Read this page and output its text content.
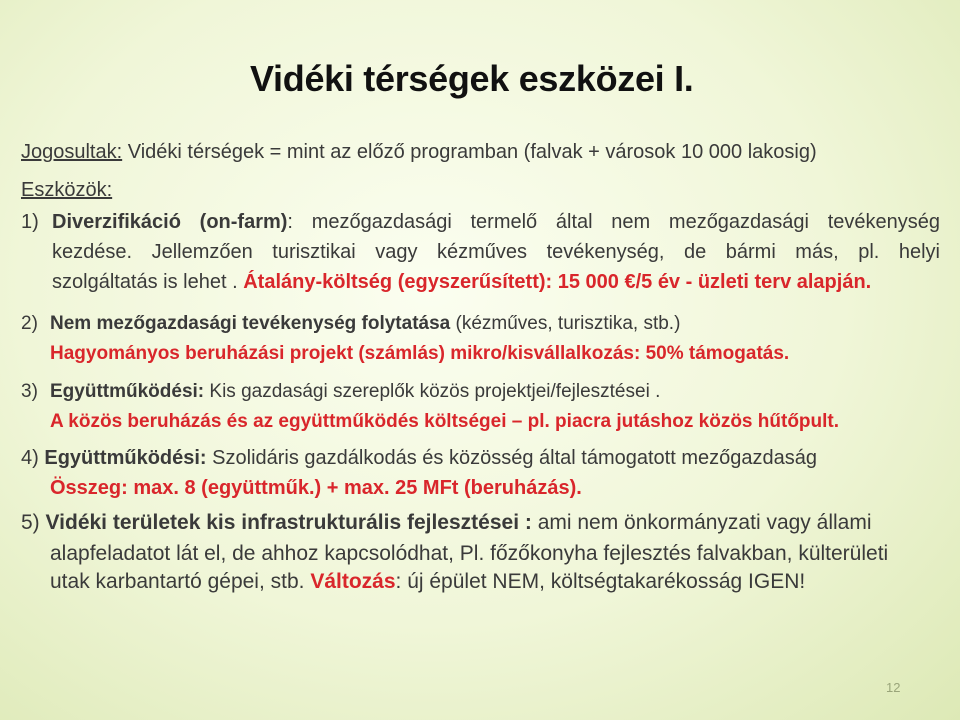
Vidéki térségek eszközei I.
Jogosultak: Vidéki térségek = mint az előző programban (falvak + városok 10 000 lakosig)
Eszközök:
1) Diverzifikáció (on-farm): mezőgazdasági termelő által nem mezőgazdasági tevékenység
kezdése. Jellemzően turisztikai vagy kézműves tevékenység, de bármi más, pl. helyi
szolgáltatás is lehet . Átalány-költség (egyszerűsített): 15 000 €/5 év - üzleti terv alapján.
2) Nem mezőgazdasági tevékenység folytatása (kézműves, turisztika, stb.)
Hagyományos beruházási projekt (számlás) mikro/kisvállalkozás: 50% támogatás.
3) Együttműködési: Kis gazdasági szereplők közös projektjei/fejlesztései .
A közös beruházás és az együttműködés költségei – pl. piacra jutáshoz közös hűtőpult.
4) Együttműködési: Szolidáris gazdálkodás és közösség által támogatott mezőgazdaság
Összeg: max. 8 (együttműk.) + max. 25 MFt (beruházás).
5) Vidéki területek kis infrastrukturális fejlesztései : ami nem önkormányzati vagy állami
alapfeladatot lát el, de ahhoz kapcsolódhat, Pl. főzőkonyha fejlesztés falvakban, külterületi
utak karbantartó gépei, stb. Változás: új épület NEM, költségtakarékosság IGEN!
12
